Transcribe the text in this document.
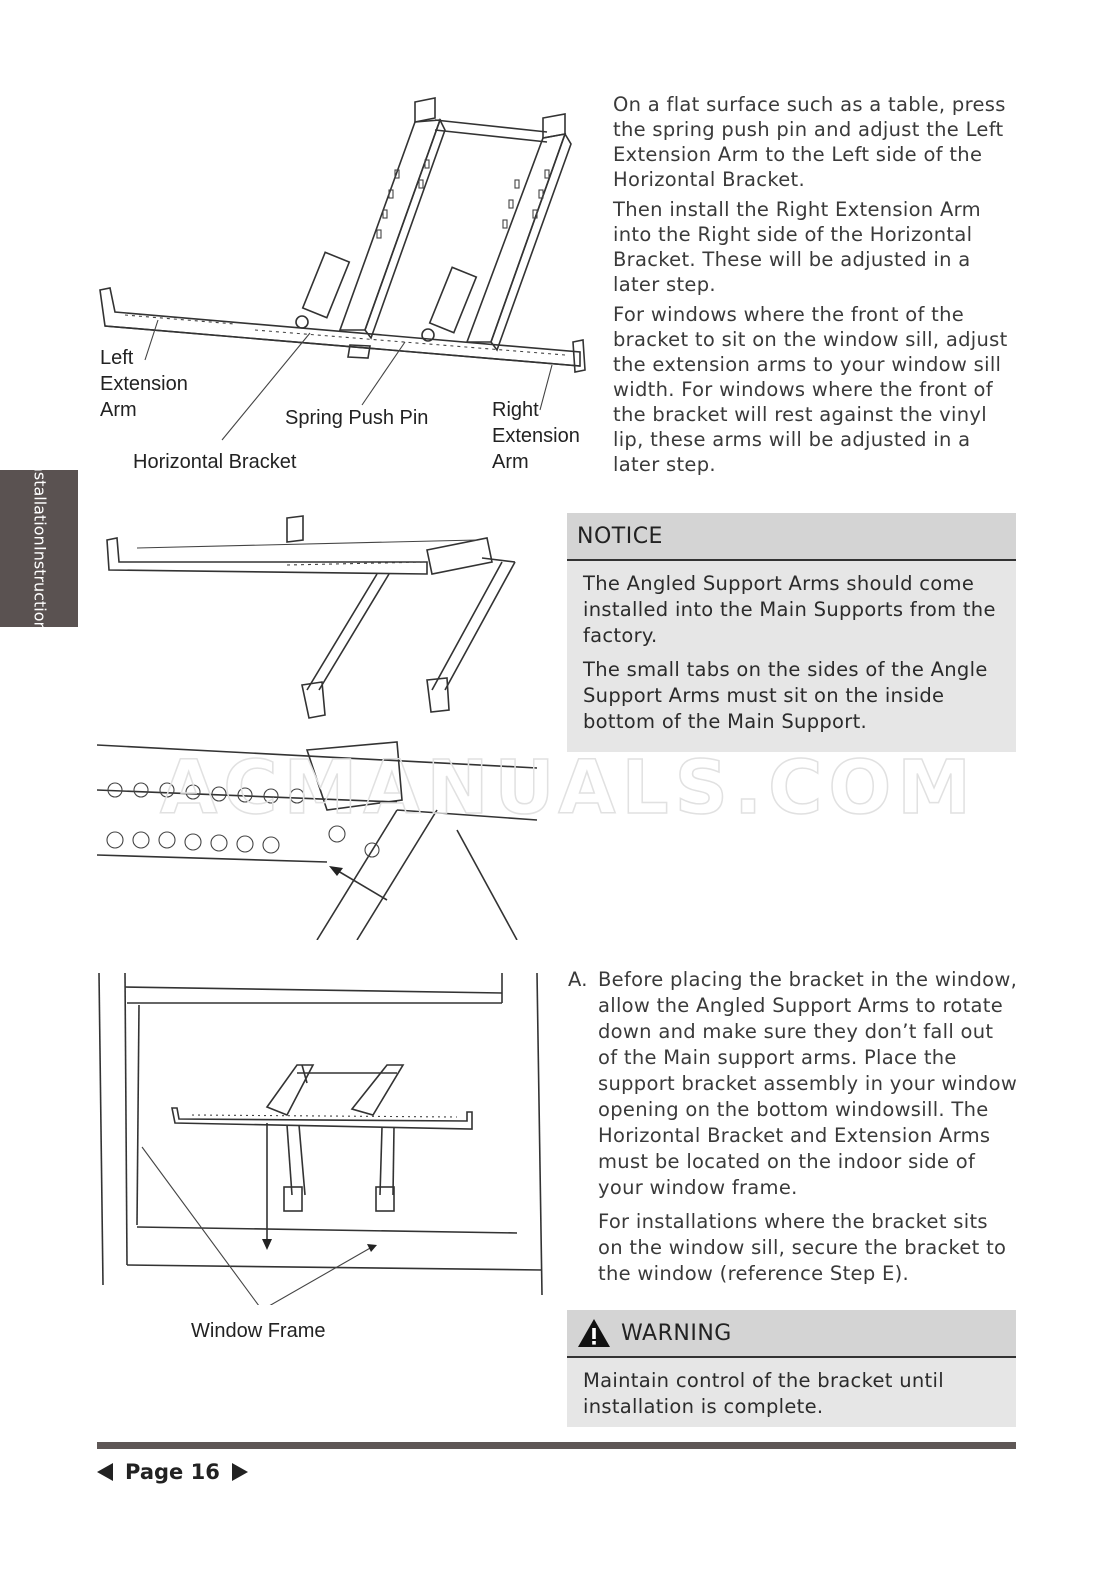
Installation
Instructions
Left
Extension
Arm	Spring Push Pin	Right
Extension
Arm
Horizontal Bracket

On a flat surface such as a table, press the spring push pin and adjust the Left Extension Arm to the Left side of the Horizontal Bracket.

Then install the Right Extension Arm into the Right side of the Horizontal Bracket. These will be adjusted in a later step.

For windows where the front of the bracket to sit on the window sill, adjust the extension arms to your window sill width. For windows where the front of the bracket will rest against the vinyl lip, these arms will be adjusted in a later step.

NOTICE

The Angled Support Arms should come installed into the Main Supports from the factory.

The small tabs on the sides of the Angle Support Arms must sit on the inside bottom of the Main Support.

ACMANUALS.COM
Window Frame
A. Before placing the bracket in the window, allow the Angled Support Arms to rotate down and make sure they don’t fall out of the Main support arms. Place the support bracket assembly in your window opening on the bottom windowsill. The Horizontal Bracket and Extension Arms must be located on the indoor side of your window frame.

For installations where the bracket sits on the window sill, secure the bracket to the window (reference Step E).

WARNING
Maintain control of the bracket until installation is complete.
Page 16
